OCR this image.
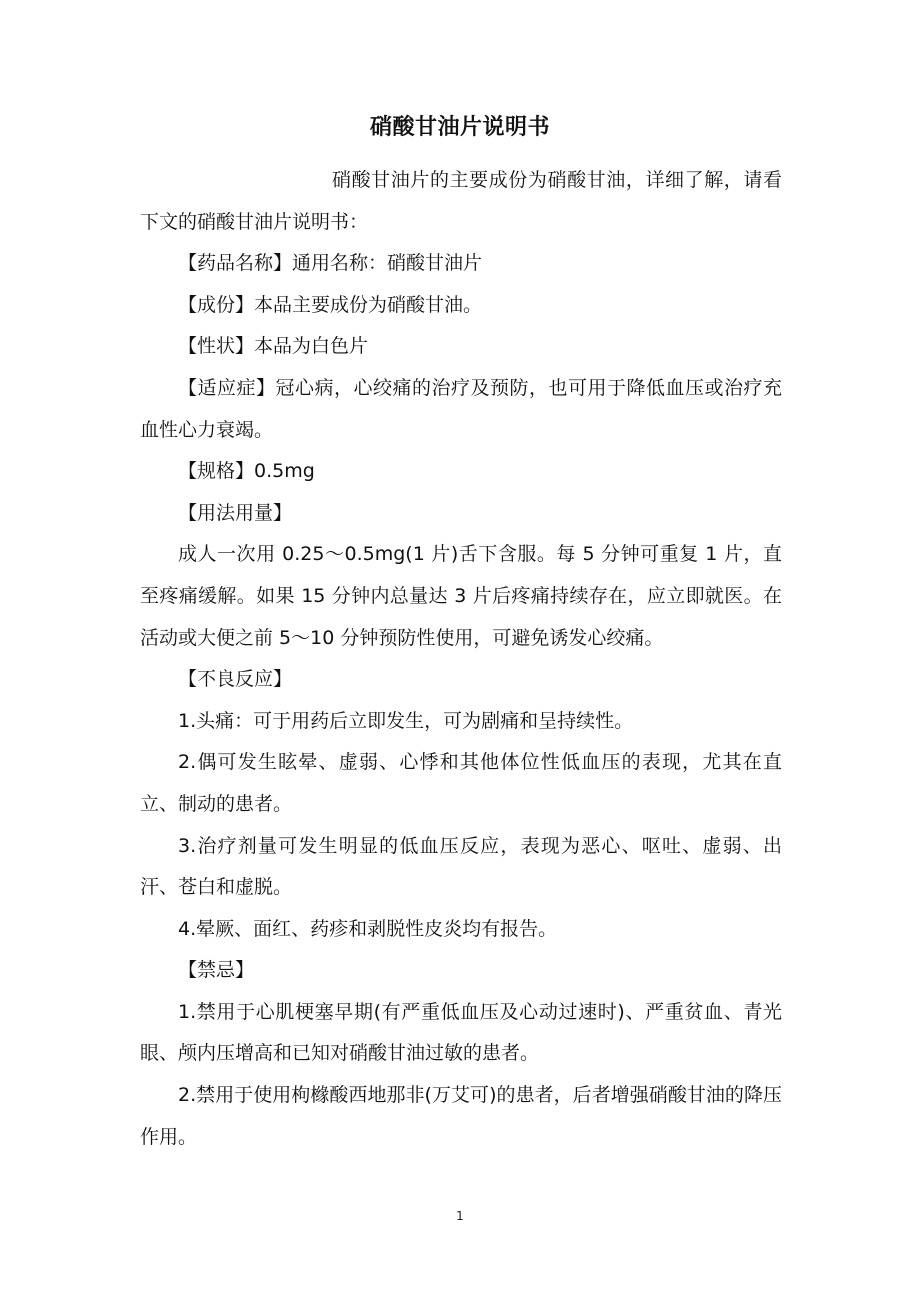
硝酸甘油片说明书

硝酸甘油片的主要成份为硝酸甘油，详细了解，请看下文的硝酸甘油片说明书：

【药品名称】通用名称：硝酸甘油片

【成份】本品主要成份为硝酸甘油。

【性状】本品为白色片

【适应症】冠心病，心绞痛的治疗及预防，也可用于降低血压或治疗充血性心力衰竭。

【规格】0.5mg

【用法用量】

成人一次用 0.25～0.5mg(1 片)舌下含服。每 5 分钟可重复 1 片，直至疼痛缓解。如果 15 分钟内总量达 3 片后疼痛持续存在，应立即就医。在活动或大便之前 5～10 分钟预防性使用，可避免诱发心绞痛。

【不良反应】

1.头痛：可于用药后立即发生，可为剧痛和呈持续性。

2.偶可发生眩晕、虚弱、心悸和其他体位性低血压的表现，尤其在直立、制动的患者。

3.治疗剂量可发生明显的低血压反应，表现为恶心、呕吐、虚弱、出汗、苍白和虚脱。

4.晕厥、面红、药疹和剥脱性皮炎均有报告。

【禁忌】

1.禁用于心肌梗塞早期(有严重低血压及心动过速时)、严重贫血、青光眼、颅内压增高和已知对硝酸甘油过敏的患者。

2.禁用于使用枸橼酸西地那非(万艾可)的患者，后者增强硝酸甘油的降压作用。

1
